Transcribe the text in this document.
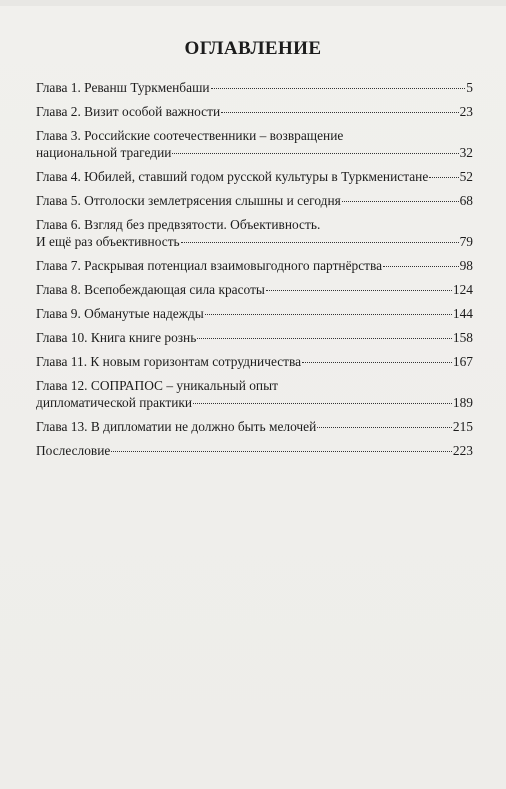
ОГЛАВЛЕНИЕ
Глава 1. Реванш Туркменбаши	5
Глава 2. Визит особой важности	23
Глава 3. Российские соотечественники – возвращение
национальной трагедии	32
Глава 4. Юбилей, ставший годом русской культуры в Туркменистане 52
Глава 5. Отголоски землетрясения слышны и сегодня	68
Глава 6. Взгляд без предвзятости. Объективность.
И ещё раз объективность	79
Глава 7. Раскрывая потенциал взаимовыгодного партнёрства	98
Глава 8. Всепобеждающая сила красоты	124
Глава 9. Обманутые надежды	144
Глава 10. Книга книге рознь	158
Глава 11. К новым горизонтам сотрудничества	167
Глава 12. СОПРАПОС – уникальный опыт
дипломатической практики	189
Глава 13. В дипломатии не должно быть мелочей	215
Послесловие	223
